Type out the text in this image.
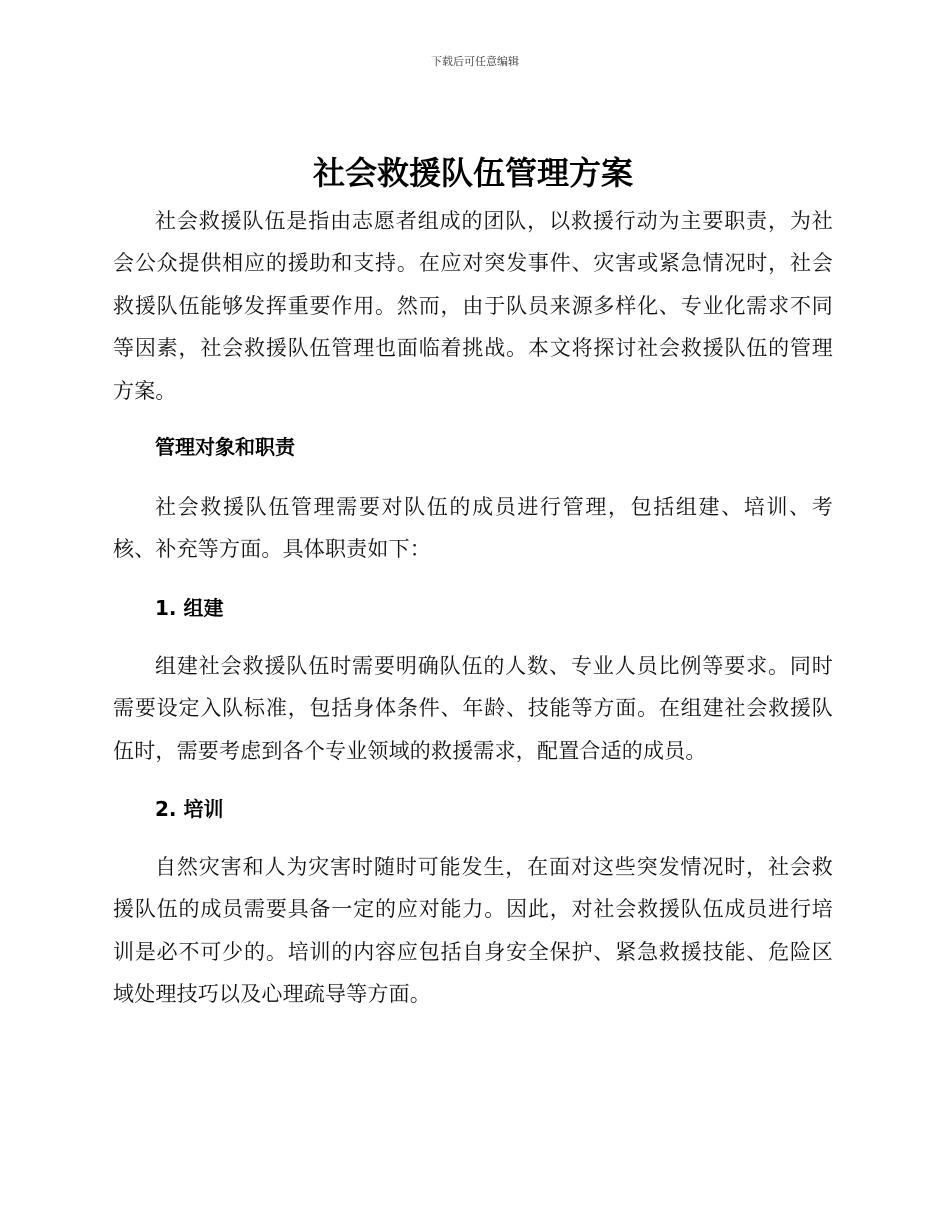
下载后可任意编辑
社会救援队伍管理方案

社会救援队伍是指由志愿者组成的团队，以救援行动为主要职责，为社会公众提供相应的援助和支持。在应对突发事件、灾害或紧急情况时，社会救援队伍能够发挥重要作用。然而，由于队员来源多样化、专业化需求不同等因素，社会救援队伍管理也面临着挑战。本文将探讨社会救援队伍的管理方案。

管理对象和职责

社会救援队伍管理需要对队伍的成员进行管理，包括组建、培训、考核、补充等方面。具体职责如下：

1. 组建

组建社会救援队伍时需要明确队伍的人数、专业人员比例等要求。同时需要设定入队标准，包括身体条件、年龄、技能等方面。在组建社会救援队伍时，需要考虑到各个专业领域的救援需求，配置合适的成员。

2. 培训

自然灾害和人为灾害时随时可能发生，在面对这些突发情况时，社会救援队伍的成员需要具备一定的应对能力。因此，对社会救援队伍成员进行培训是必不可少的。培训的内容应包括自身安全保护、紧急救援技能、危险区域处理技巧以及心理疏导等方面。
